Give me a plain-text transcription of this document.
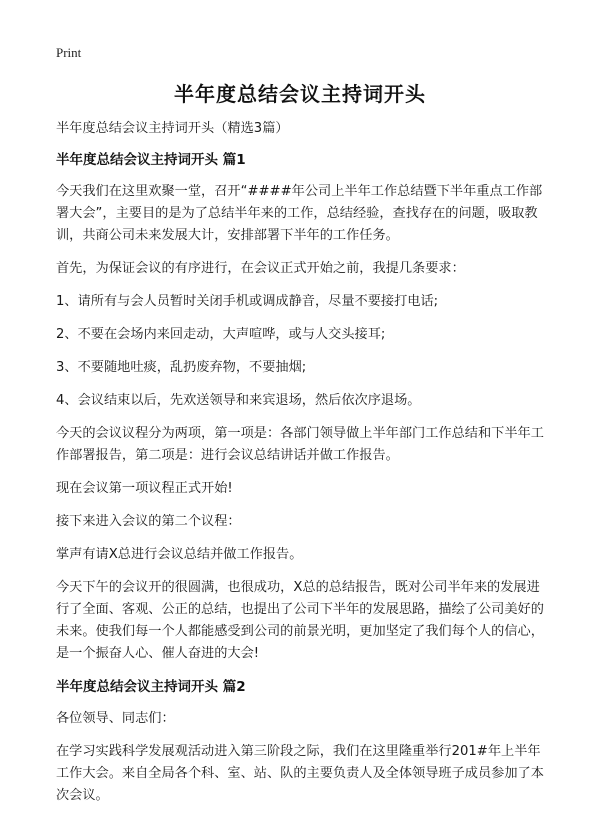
Print
半年度总结会议主持词开头

半年度总结会议主持词开头（精选3篇）

半年度总结会议主持词开头 篇1

今天我们在这里欢聚一堂，召开“####年公司上半年工作总结暨下半年重点工作部署大会”，主要目的是为了总结半年来的工作，总结经验，查找存在的问题，吸取教训，共商公司未来发展大计，安排部署下半年的工作任务。

首先，为保证会议的有序进行，在会议正式开始之前，我提几条要求：

1、请所有与会人员暂时关闭手机或调成静音，尽量不要接打电话;

2、不要在会场内来回走动，大声喧哗，或与人交头接耳;

3、不要随地吐痰，乱扔废弃物，不要抽烟;

4、会议结束以后，先欢送领导和来宾退场，然后依次序退场。

今天的会议议程分为两项，第一项是：各部门领导做上半年部门工作总结和下半年工作部署报告，第二项是：进行会议总结讲话并做工作报告。

现在会议第一项议程正式开始!

接下来进入会议的第二个议程：

掌声有请X总进行会议总结并做工作报告。

今天下午的会议开的很圆满，也很成功，X总的总结报告，既对公司半年来的发展进行了全面、客观、公正的总结，也提出了公司下半年的发展思路，描绘了公司美好的未来。使我们每一个人都能感受到公司的前景光明，更加坚定了我们每个人的信心，是一个振奋人心、催人奋进的大会!

半年度总结会议主持词开头 篇2

各位领导、同志们：

在学习实践科学发展观活动进入第三阶段之际，我们在这里隆重举行201#年上半年工作大会。来自全局各个科、室、站、队的主要负责人及全体领导班子成员参加了本次会议。
